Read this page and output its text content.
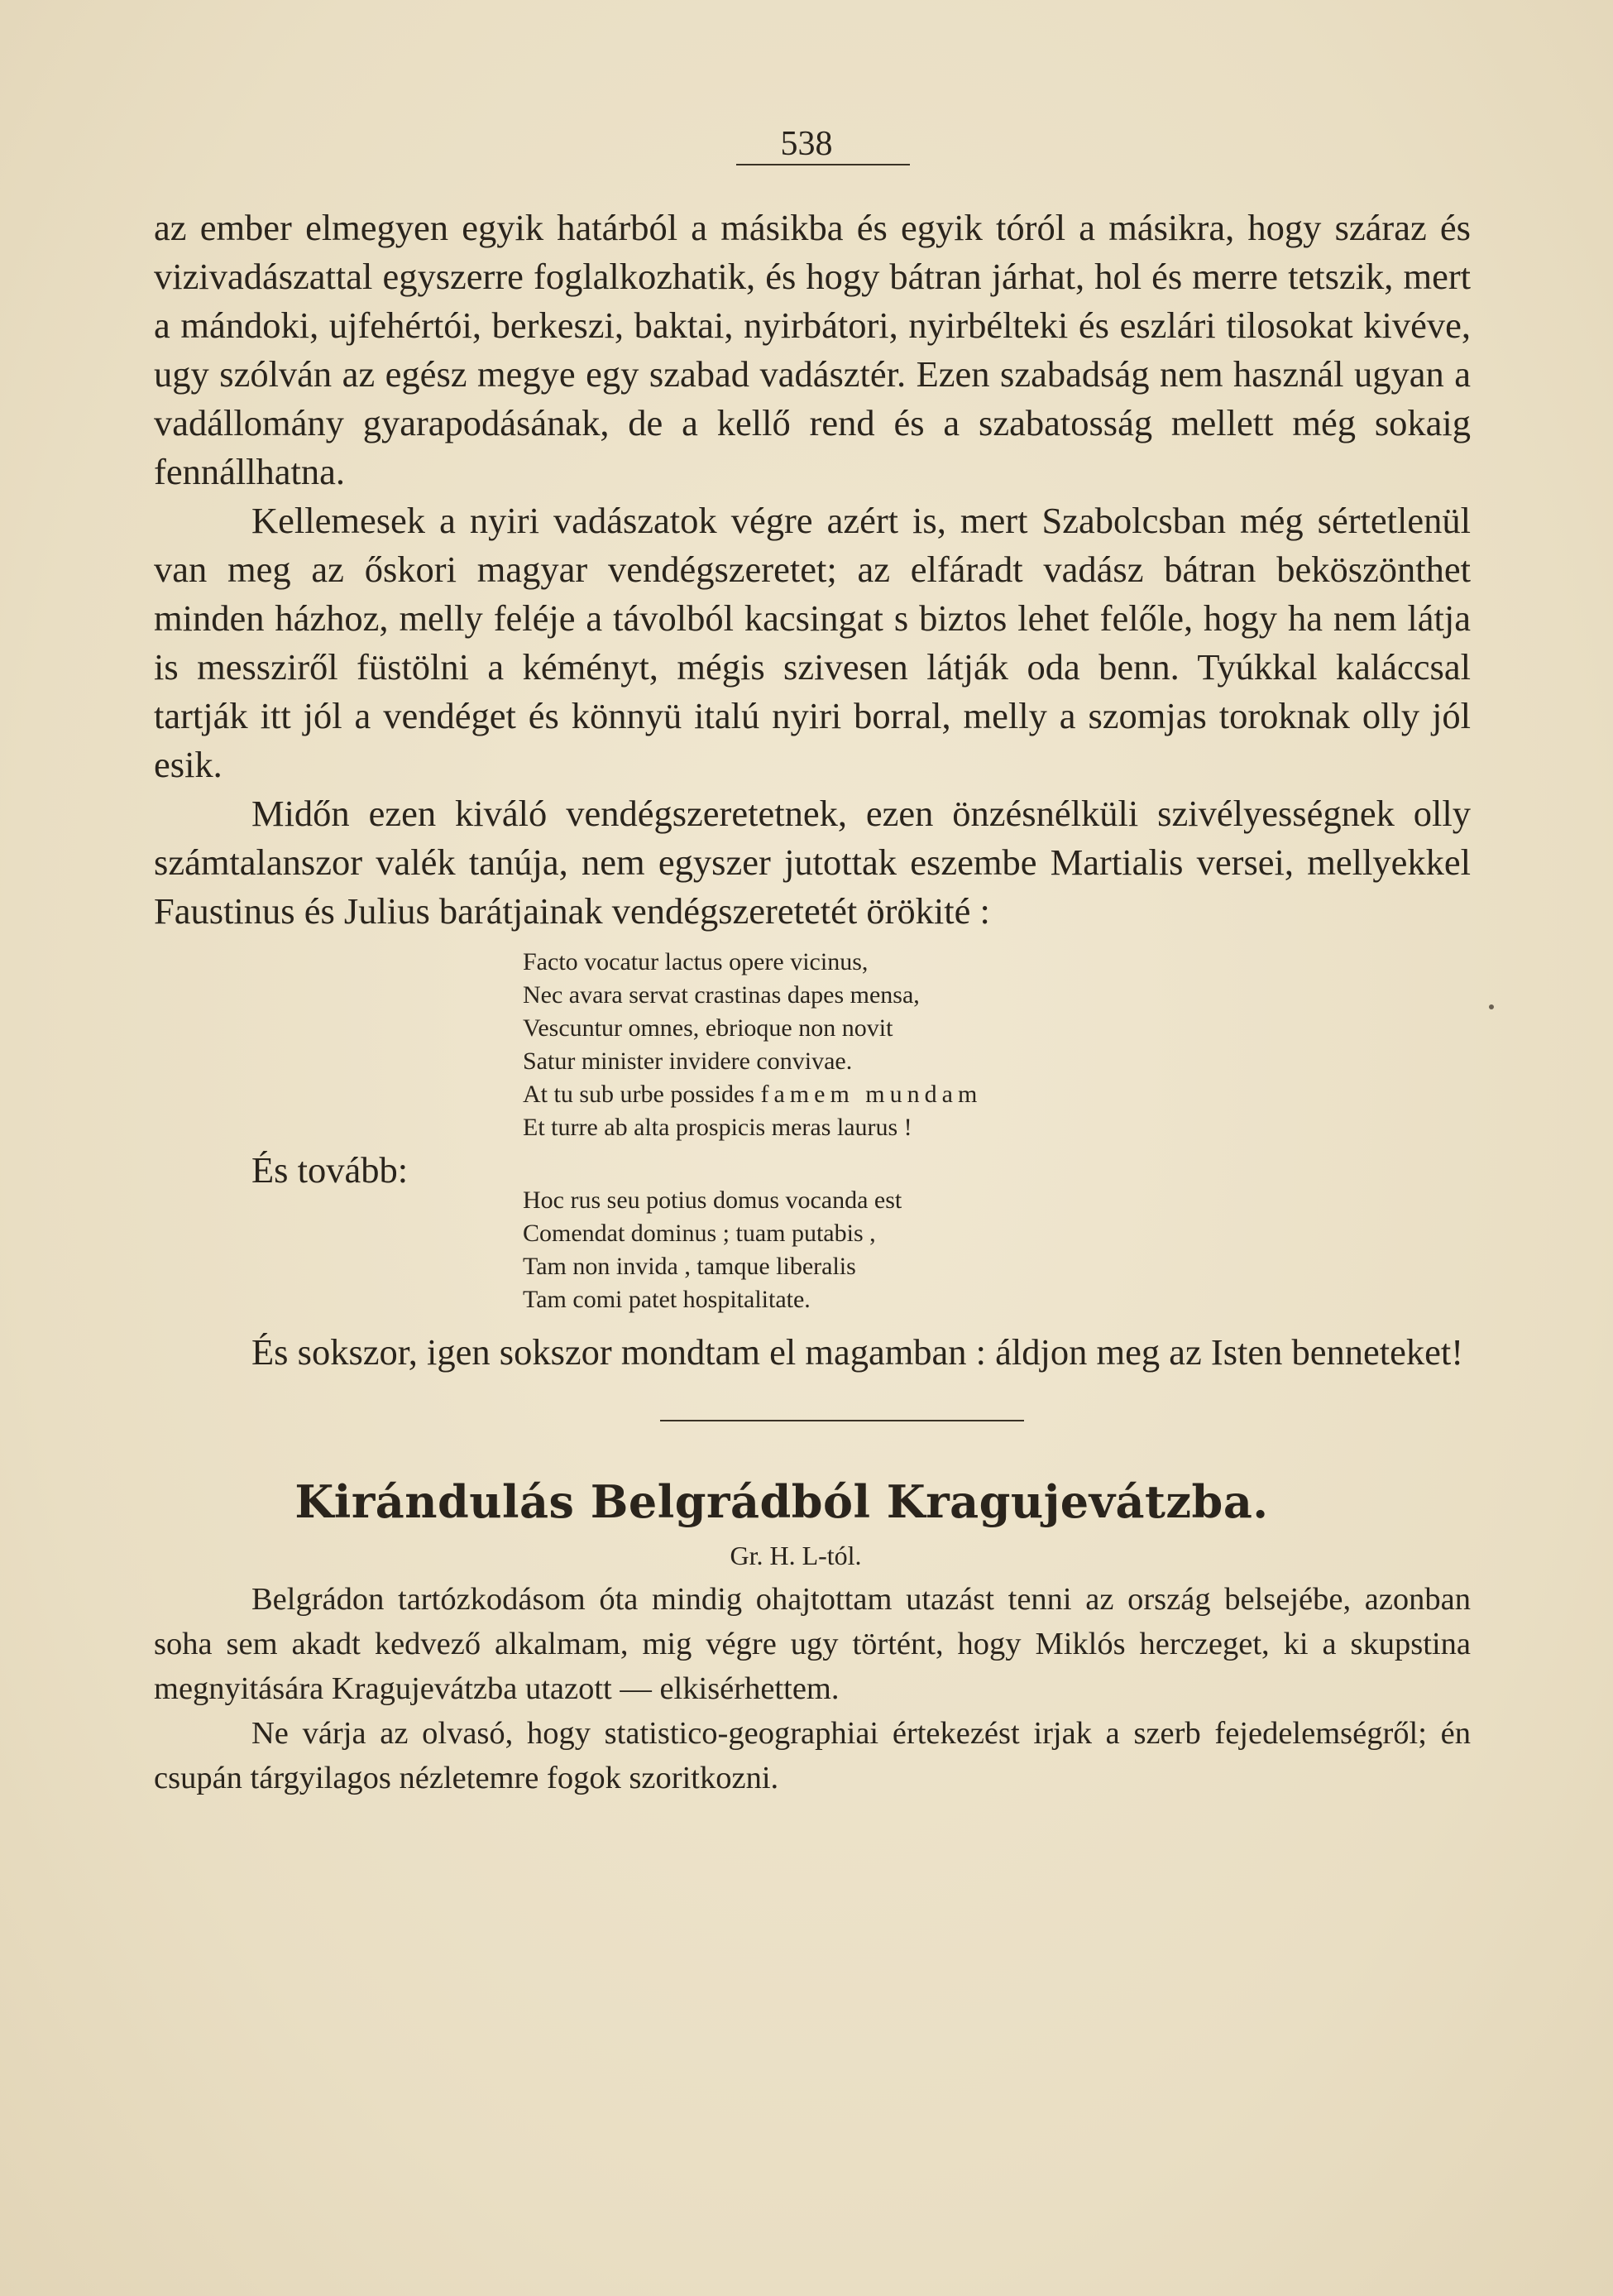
538

az ember elmegyen egyik határból a másikba és egyik tóról a másikra, hogy száraz és vizivadászattal egyszerre foglalkozhatik, és hogy bátran járhat, hol és merre tetszik, mert a mándoki, ujfehértói, berkeszi, baktai, nyirbátori, nyirbélteki és eszlári tilosokat kivéve, ugy szólván az egész megye egy szabad vadásztér. Ezen szabadság nem használ ugyan a vadállomány gyarapodásának, de a kellő rend és a szabatosság mellett még sokaig fennállhatna.

Kellemesek a nyiri vadászatok végre azért is, mert Szabolcsban még sértetlenül van meg az őskori magyar vendégszeretet; az elfáradt vadász bátran beköszönthet minden házhoz, melly feléje a távolból kacsingat s biztos lehet felőle, hogy ha nem látja is messziről füstölni a kéményt, mégis szivesen látják oda benn. Tyúkkal kaláccsal tartják itt jól a vendéget és könnyü italú nyiri borral, melly a szomjas toroknak olly jól esik.

Midőn ezen kiváló vendégszeretetnek, ezen önzésnélküli szivélyességnek olly számtalanszor valék tanúja, nem egyszer jutottak eszembe Martialis versei, mellyekkel Faustinus és Julius barátjainak vendégszeretetét örökité :

Facto vocatur lactus opere vicinus,
Nec avara servat crastinas dapes mensa,
Vescuntur omnes, ebrioque non novit
Satur minister invidere convivae.
At tu sub urbe possides famem mundam
Et turre ab alta prospicis meras laurus !
És tovább:
Hoc rus seu potius domus vocanda est
Comendat dominus ; tuam putabis ,
Tam non invida , tamque liberalis
Tam comi patet hospitalitate.

És sokszor, igen sokszor mondtam el magamban : áldjon meg az Isten benneteket!

Kirándulás Belgrádból Kragujevátzba.
Gr. H. L-tól.

Belgrádon tartózkodásom óta mindig ohajtottam utazást tenni az ország belsejébe, azonban soha sem akadt kedvező alkalmam, mig végre ugy történt, hogy Miklós herczeget, ki a skupstina megnyitására Kragujevátzba utazott — elkisérhettem.

Ne várja az olvasó, hogy statistico-geographiai értekezést irjak a szerb fejedelemségről; én csupán tárgyilagos nézletemre fogok szoritkozni.
